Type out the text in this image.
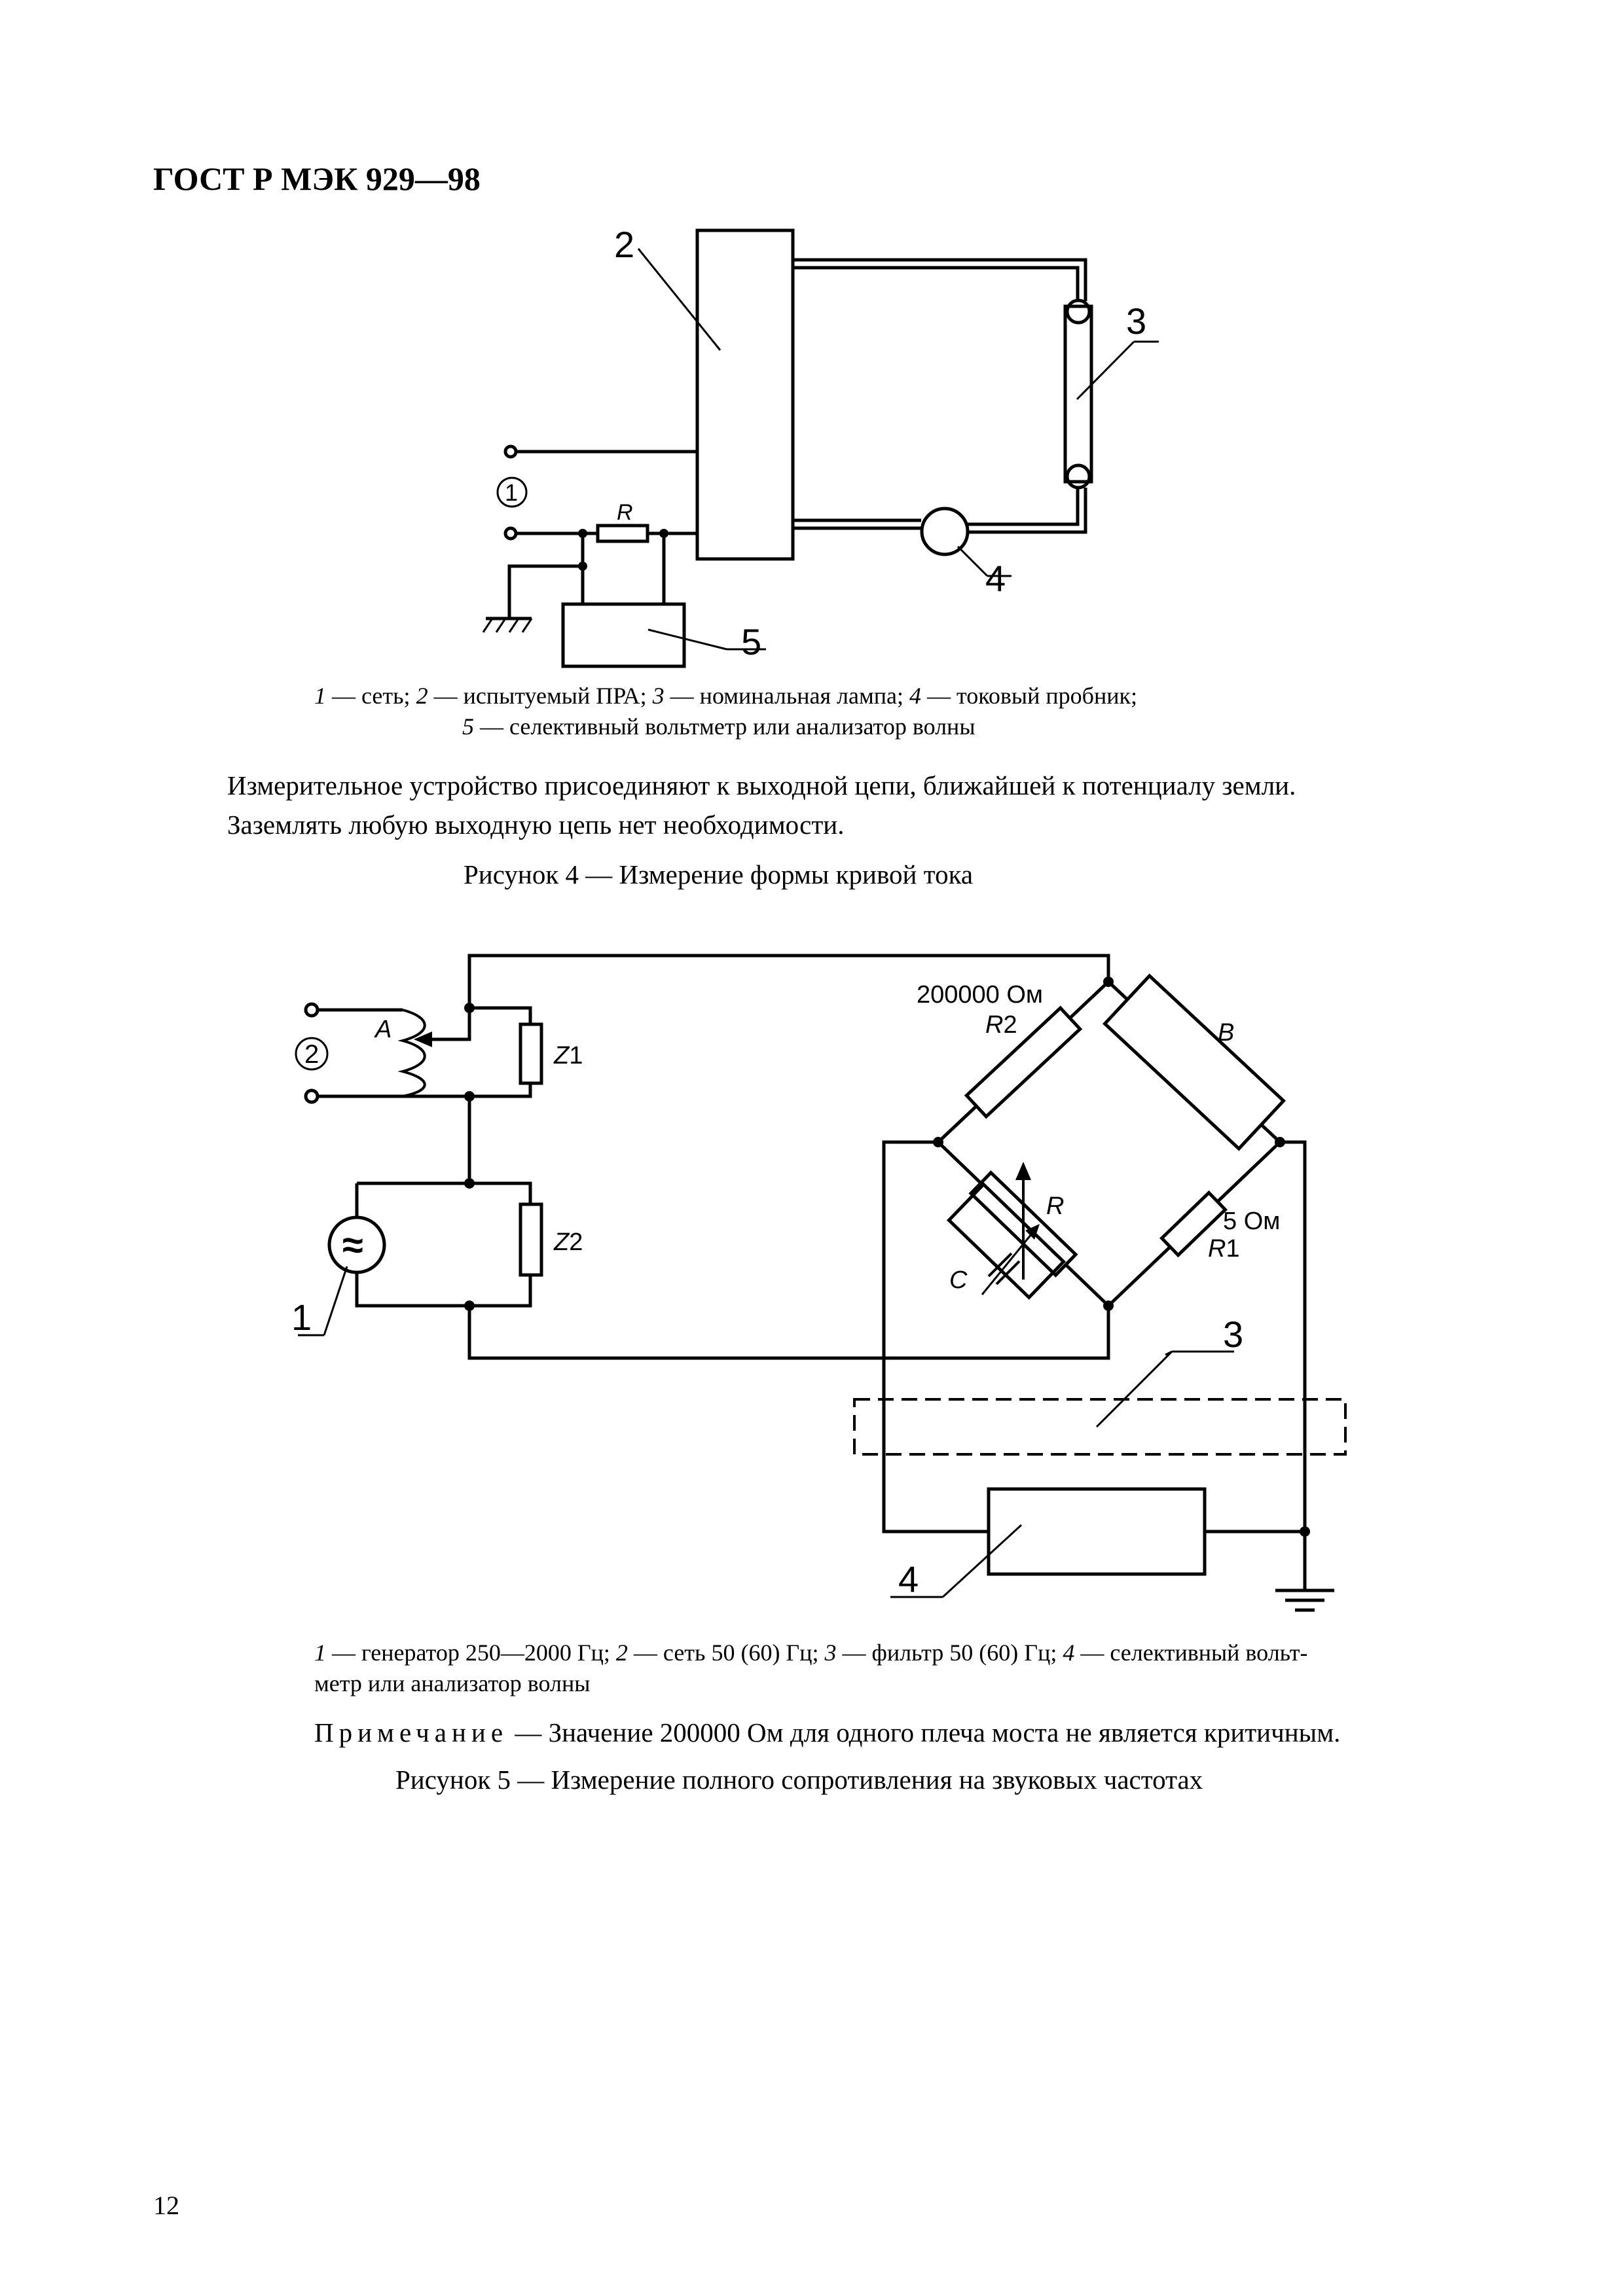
ГОСТ Р МЭК 929—98
2
3
4
5
R
1
1 — сеть; 2 — испытуемый ПРА; 3 — номинальная лампа; 4 — токовый пробник;
5 — селективный вольтметр или анализатор волны
Измерительное устройство присоединяют к выходной цепи, ближайшей к потенциалу земли.
Заземлять любую выходную цепь нет необходимости.
Рисунок 4 — Измерение формы кривой тока
200000 Ом
R2	B
R
C
5 Ом
R1
3
4
A
Z1
Z2
2
1
≈
1 — генератор 250—2000 Гц; 2 — сеть 50 (60) Гц; 3 — фильтр 50 (60) Гц; 4 — селективный вольт-
метр или анализатор волны
Примечание — Значение 200000 Ом для одного плеча моста не является критичным.
Рисунок 5 — Измерение полного сопротивления на звуковых частотах
12
